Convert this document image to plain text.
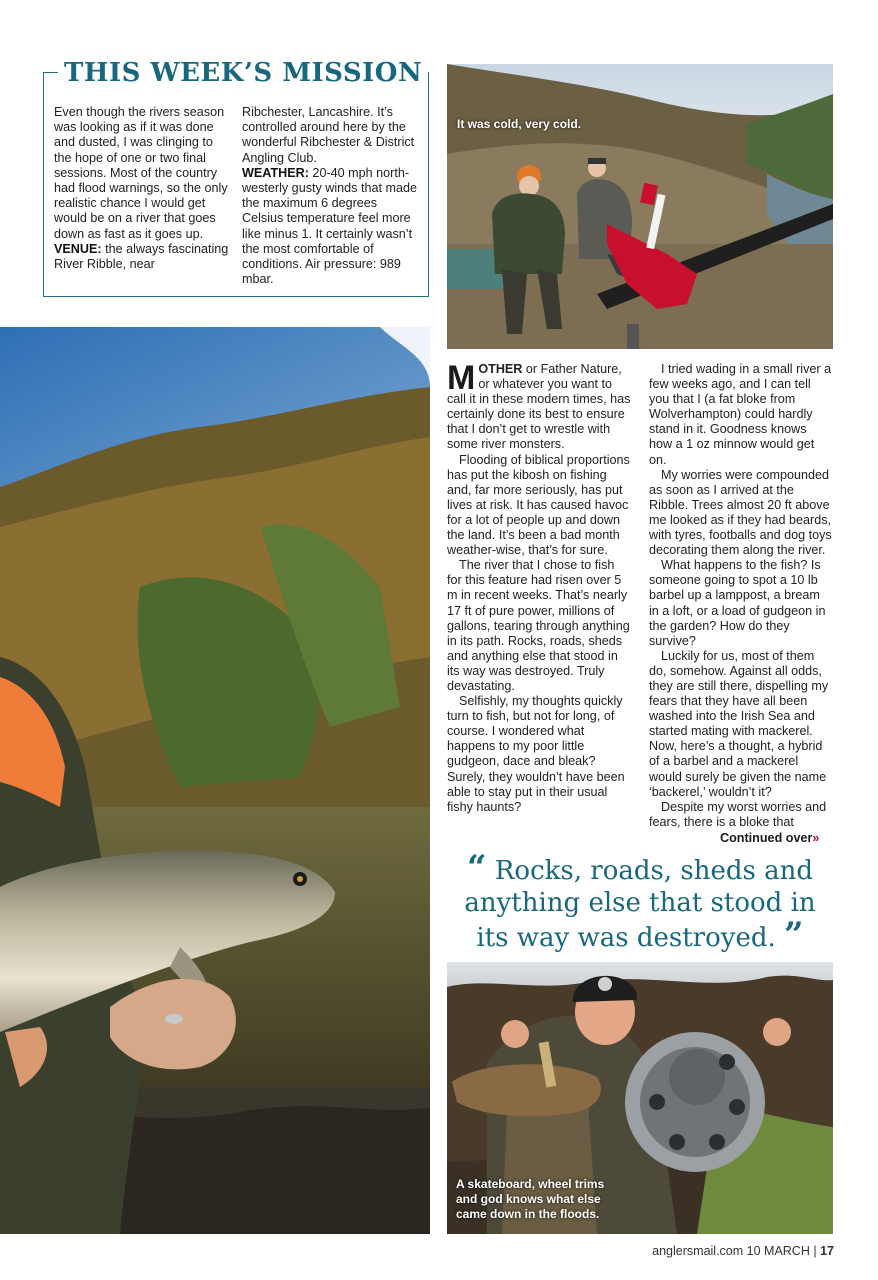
THIS WEEK’S MISSION
Even though the rivers season was looking as if it was done and dusted, I was clinging to the hope of one or two final sessions. Most of the country had flood warnings, so the only realistic chance I would get would be on a river that goes down as fast as it goes up.
VENUE: the always fascinating River Ribble, near
Ribchester, Lancashire. It’s controlled around here by the wonderful Ribchester & District Angling Club.
WEATHER: 20-40 mph north-westerly gusty winds that made the maximum 6 degrees Celsius temperature feel more like minus 1. It certainly wasn’t the most comfortable of conditions. Air pressure: 989 mbar.
It was cold, very cold.

MOTHER or Father Nature, or whatever you want to call it in these modern times, has certainly done its best to ensure that I don’t get to wrestle with some river monsters.

Flooding of biblical proportions has put the kibosh on fishing and, far more seriously, has put lives at risk. It has caused havoc for a lot of people up and down the land. It’s been a bad month weather-wise, that’s for sure.

The river that I chose to fish for this feature had risen over 5 m in recent weeks. That’s nearly 17 ft of pure power, millions of gallons, tearing through anything in its path. Rocks, roads, sheds and anything else that stood in its way was destroyed. Truly devastating.

Selfishly, my thoughts quickly turn to fish, but not for long, of course. I wondered what happens to my poor little gudgeon, dace and bleak? Surely, they wouldn’t have been able to stay put in their usual fishy haunts?

I tried wading in a small river a few weeks ago, and I can tell you that I (a fat bloke from Wolverhampton) could hardly stand in it. Goodness knows how a 1 oz minnow would get on.

My worries were compounded as soon as I arrived at the Ribble. Trees almost 20 ft above me looked as if they had beards, with tyres, footballs and dog toys decorating them along the river.

What happens to the fish? Is someone going to spot a 10 lb barbel up a lamppost, a bream in a loft, or a load of gudgeon in the garden? How do they survive?

Luckily for us, most of them do, somehow. Against all odds, they are still there, dispelling my fears that they have all been washed into the Irish Sea and started mating with mackerel. Now, here’s a thought, a hybrid of a barbel and a mackerel would surely be given the name ‘backerel,’ wouldn’t it?

Despite my worst worries and fears, there is a bloke that

Continued over»
“ Rocks, roads, sheds and anything else that stood in its way was destroyed. ”
A skateboard, wheel trims
and god knows what else
came down in the floods.
anglersmail.com 10 MARCH | 17
